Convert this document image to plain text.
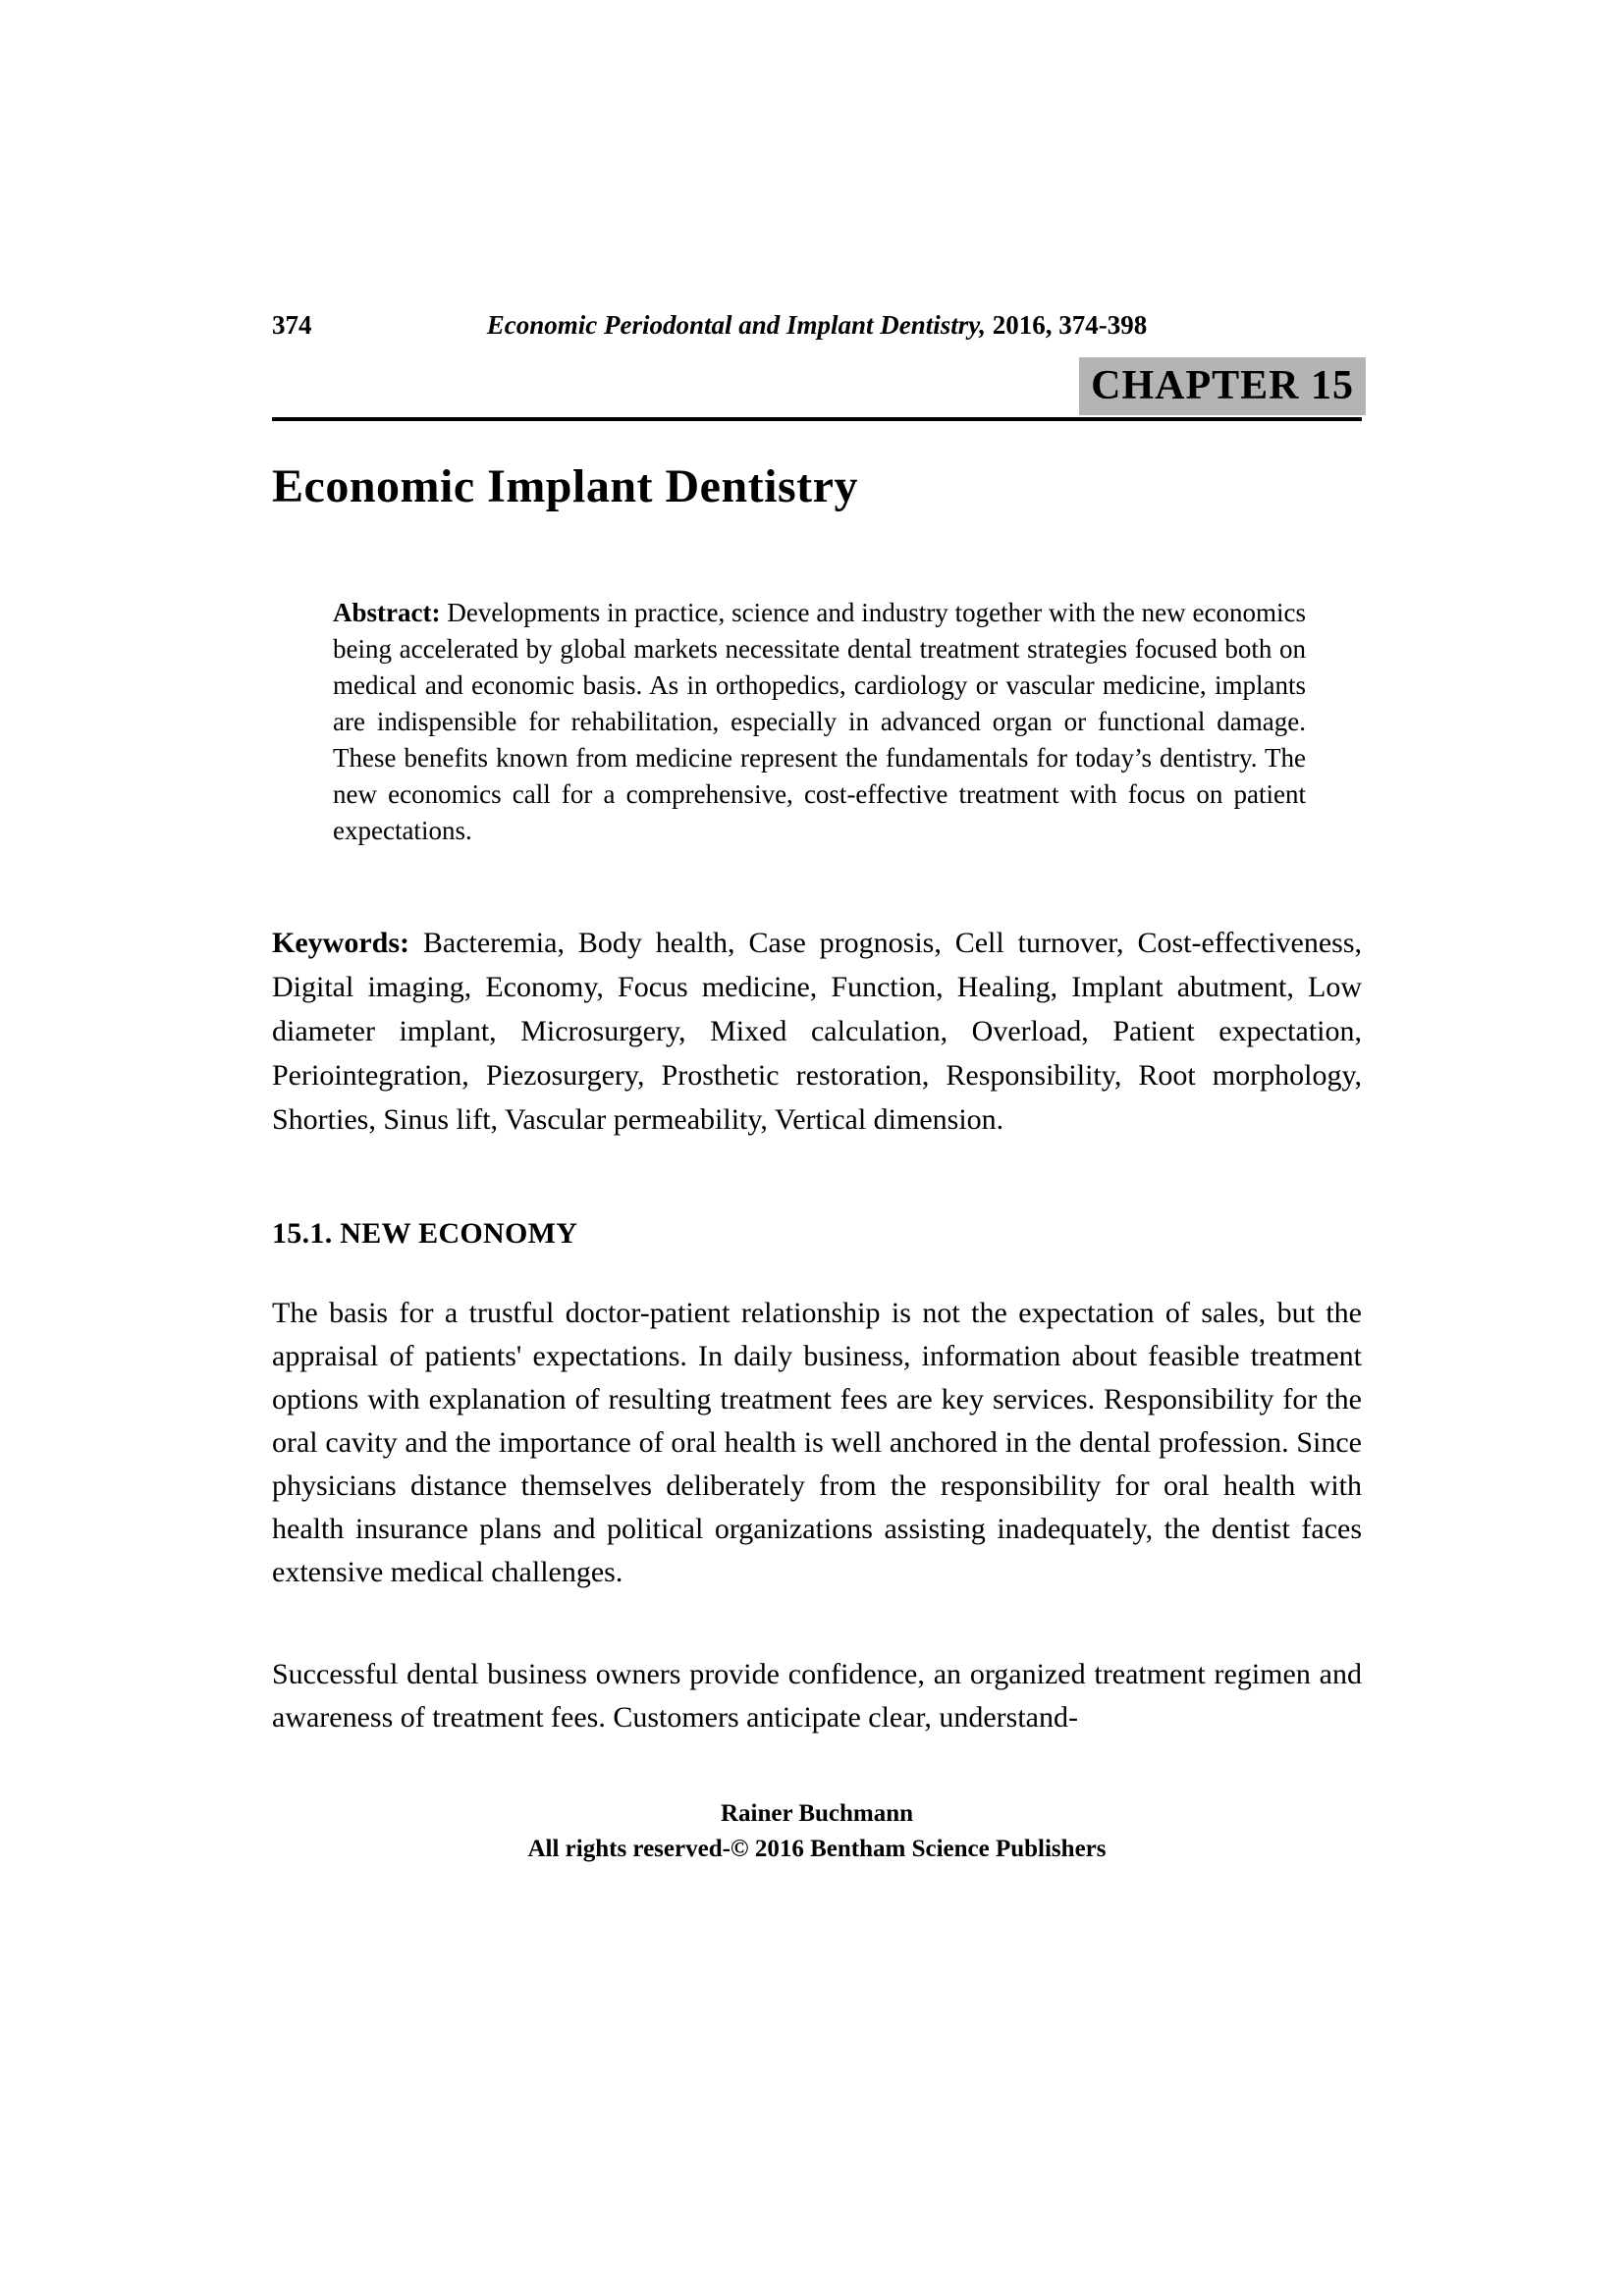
374	Economic Periodontal and Implant Dentistry, 2016, 374-398
CHAPTER 15
Economic Implant Dentistry

Abstract: Developments in practice, science and industry together with the new economics being accelerated by global markets necessitate dental treatment strategies focused both on medical and economic basis. As in orthopedics, cardiology or vascular medicine, implants are indispensible for rehabilitation, especially in advanced organ or functional damage. These benefits known from medicine represent the fundamentals for today’s dentistry. The new economics call for a comprehensive, cost-effective treatment with focus on patient expectations.

Keywords: Bacteremia, Body health, Case prognosis, Cell turnover, Cost-effectiveness, Digital imaging, Economy, Focus medicine, Function, Healing, Implant abutment, Low diameter implant, Microsurgery, Mixed calculation, Overload, Patient expectation, Periointegration, Piezosurgery, Prosthetic restoration, Responsibility, Root morphology, Shorties, Sinus lift, Vascular permeability, Vertical dimension.

15.1. NEW ECONOMY

The basis for a trustful doctor-patient relationship is not the expectation of sales, but the appraisal of patients' expectations. In daily business, information about feasible treatment options with explanation of resulting treatment fees are key services. Responsibility for the oral cavity and the importance of oral health is well anchored in the dental profession. Since physicians distance themselves deliberately from the responsibility for oral health with health insurance plans and political organizations assisting inadequately, the dentist faces extensive medical challenges.

Successful dental business owners provide confidence, an organized treatment regimen and awareness of treatment fees. Customers anticipate clear, understand-

Rainer Buchmann
All rights reserved-© 2016 Bentham Science Publishers
